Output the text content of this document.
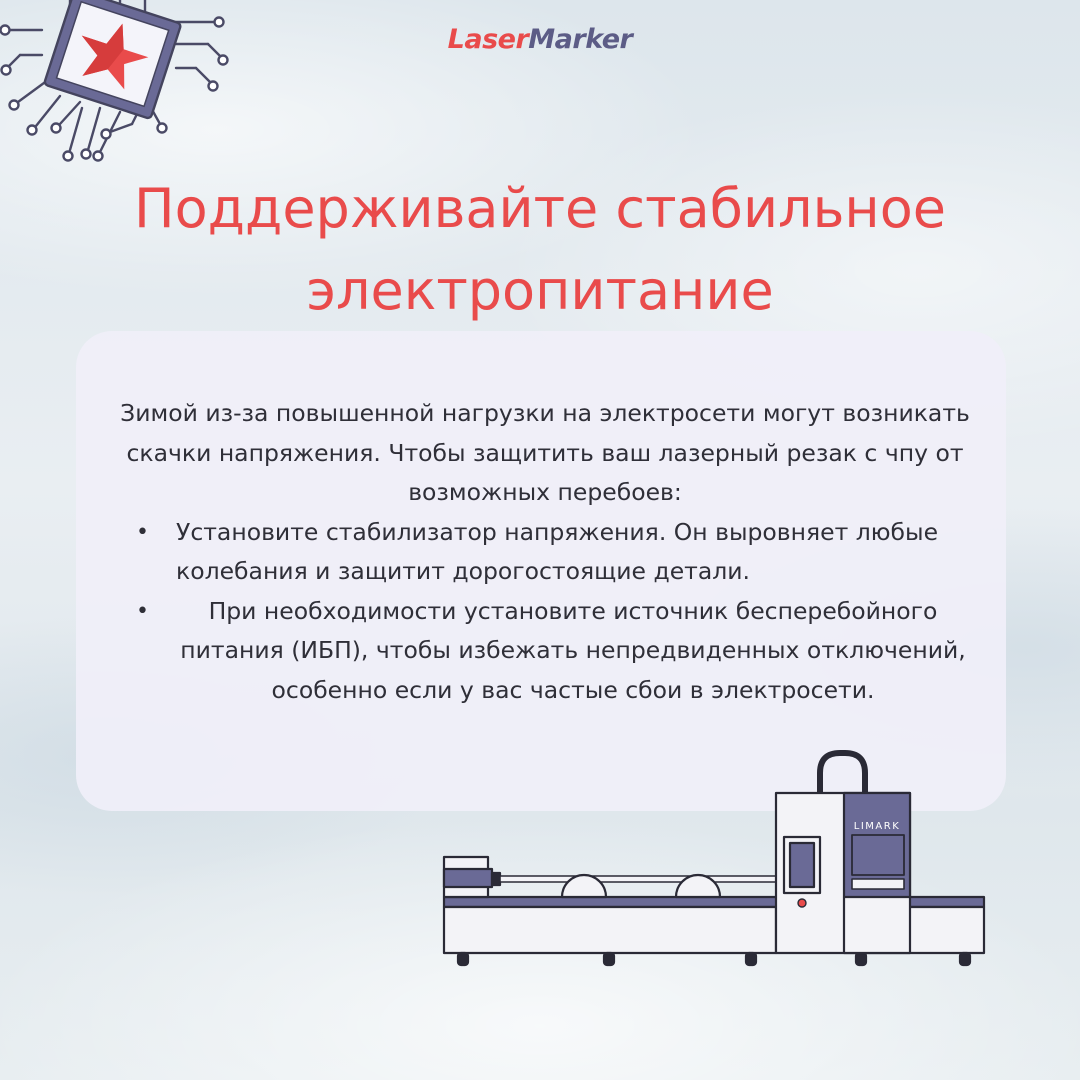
LaserMarker
Поддерживайте стабильное
электропитание

Зимой из-за повышенной нагрузки на электросети могут возникать скачки напряжения. Чтобы защитить ваш лазерный резак с чпу от возможных перебоев:

• Установите стабилизатор напряжения. Он выровняет любые колебания и защитит дорогостоящие детали.
•	При необходимости установите источник бесперебойного питания (ИБП), чтобы избежать непредвиденных отключений, особенно если у вас частые сбои в электросети.
LIMARK
